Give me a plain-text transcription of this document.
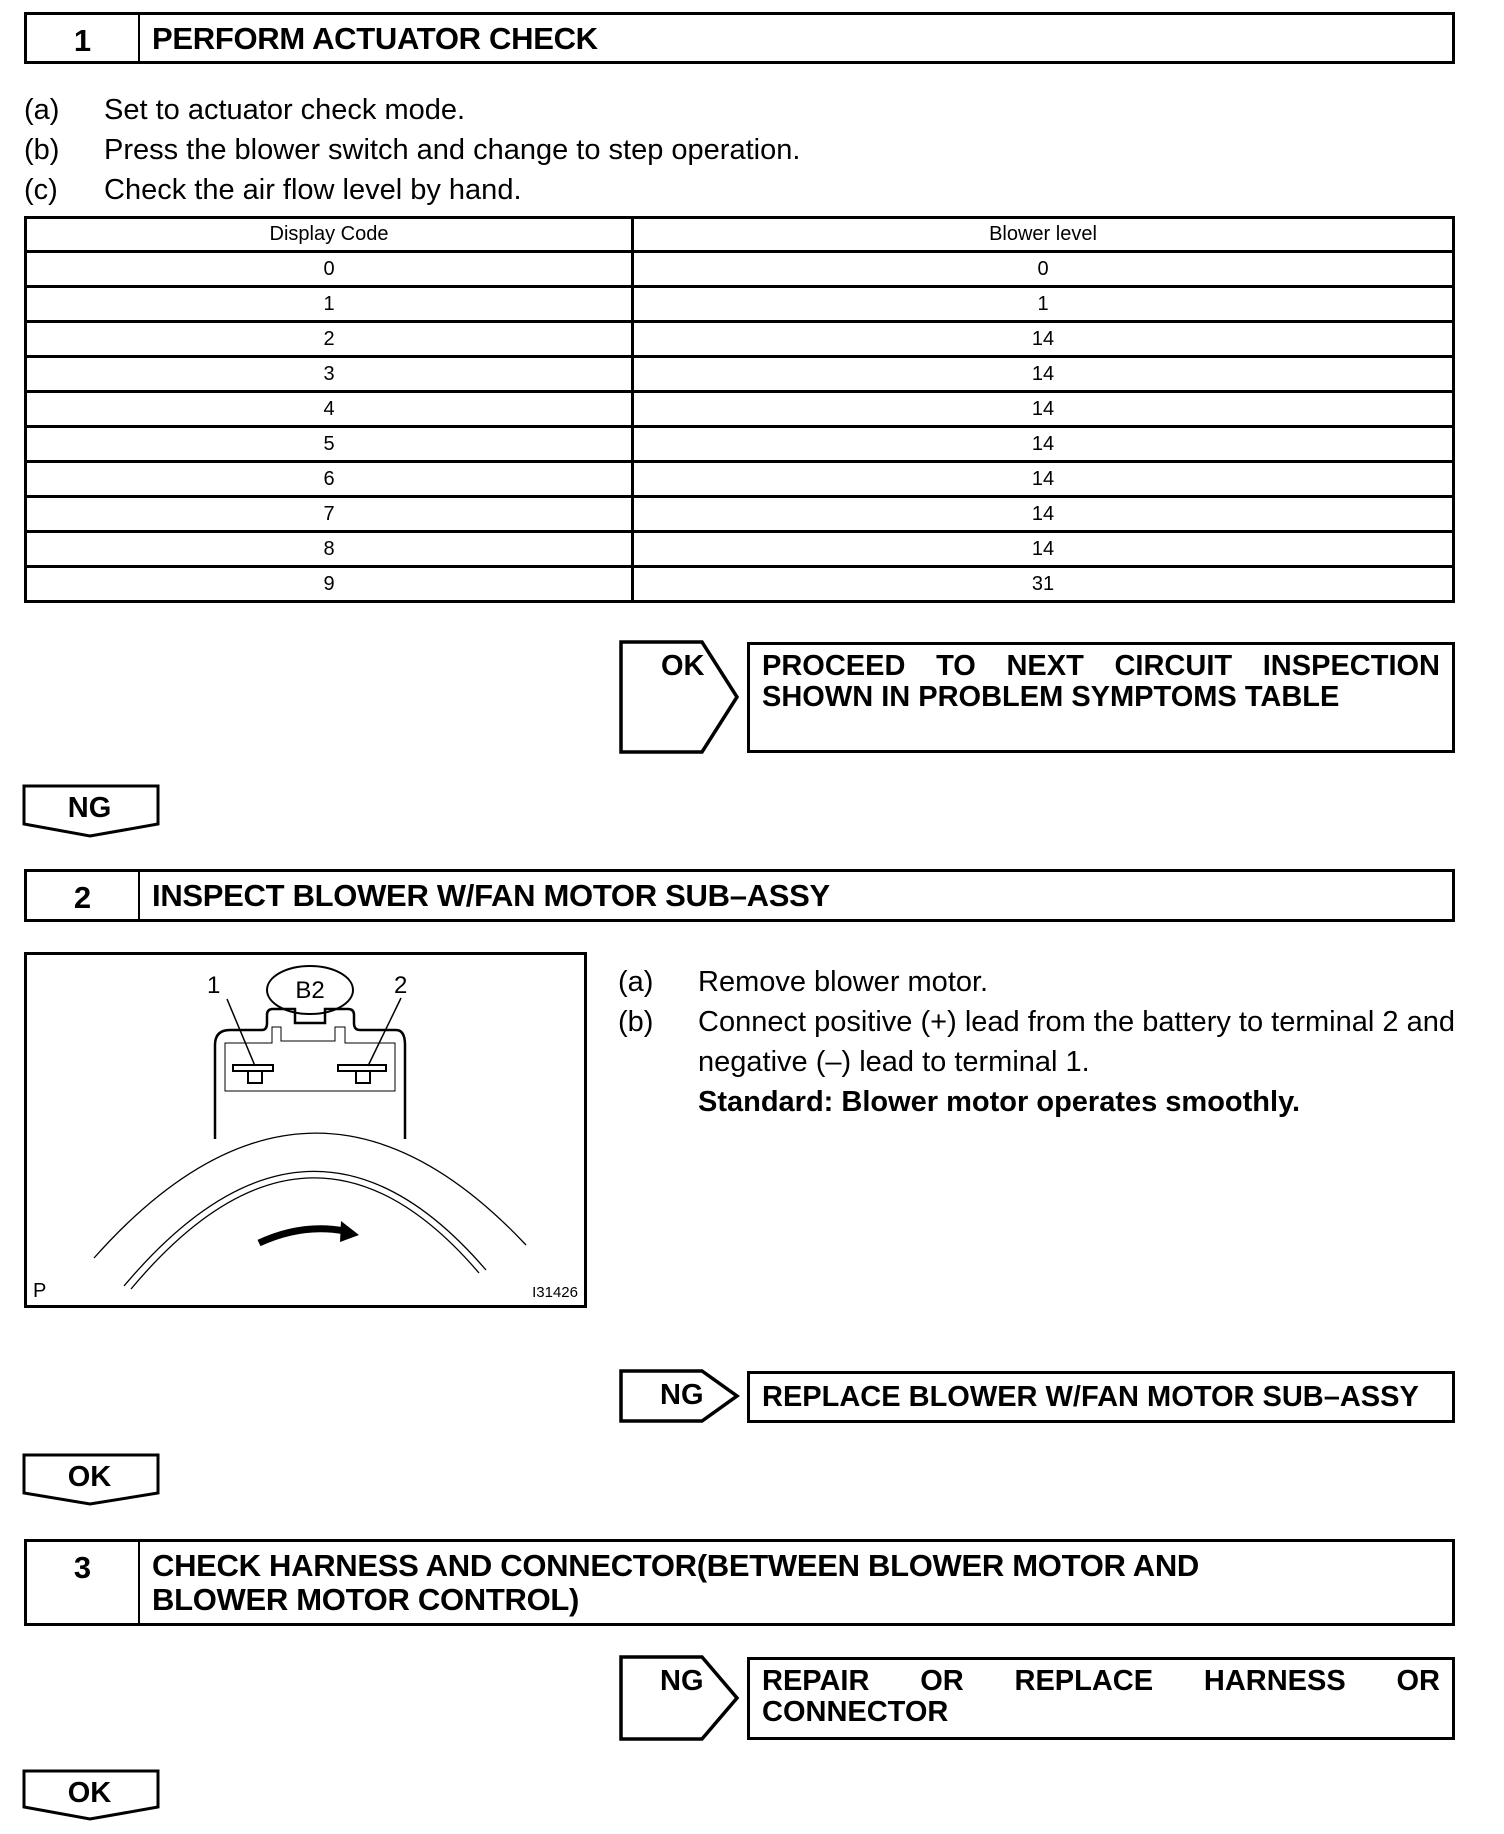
1	PERFORM ACTUATOR CHECK
(a)	Set to actuator check mode.
(b)	Press the blower switch and change to step operation.
(c)	Check the air flow level by hand.
Display Code	Blower level
0	0
1	1
2	14
3	14
4	14
5	14
6	14
7	14
8	14
9	31
OK	PROCEED TO NEXT CIRCUIT INSPECTION SHOWN IN PROBLEM SYMPTOMS TABLE
NG
2	INSPECT BLOWER W/FAN MOTOR SUB–ASSY
1	2
B2
P	I31426
(a)	Remove blower motor.
(b)	Connect positive (+) lead from the battery to terminal 2 and negative (–) lead to terminal 1.
Standard: Blower motor operates smoothly.
NG	REPLACE BLOWER W/FAN MOTOR SUB–ASSY
OK
3	CHECK HARNESS AND CONNECTOR(BETWEEN BLOWER MOTOR AND BLOWER MOTOR CONTROL)
NG	REPAIR OR REPLACE HARNESS OR CONNECTOR
OK
